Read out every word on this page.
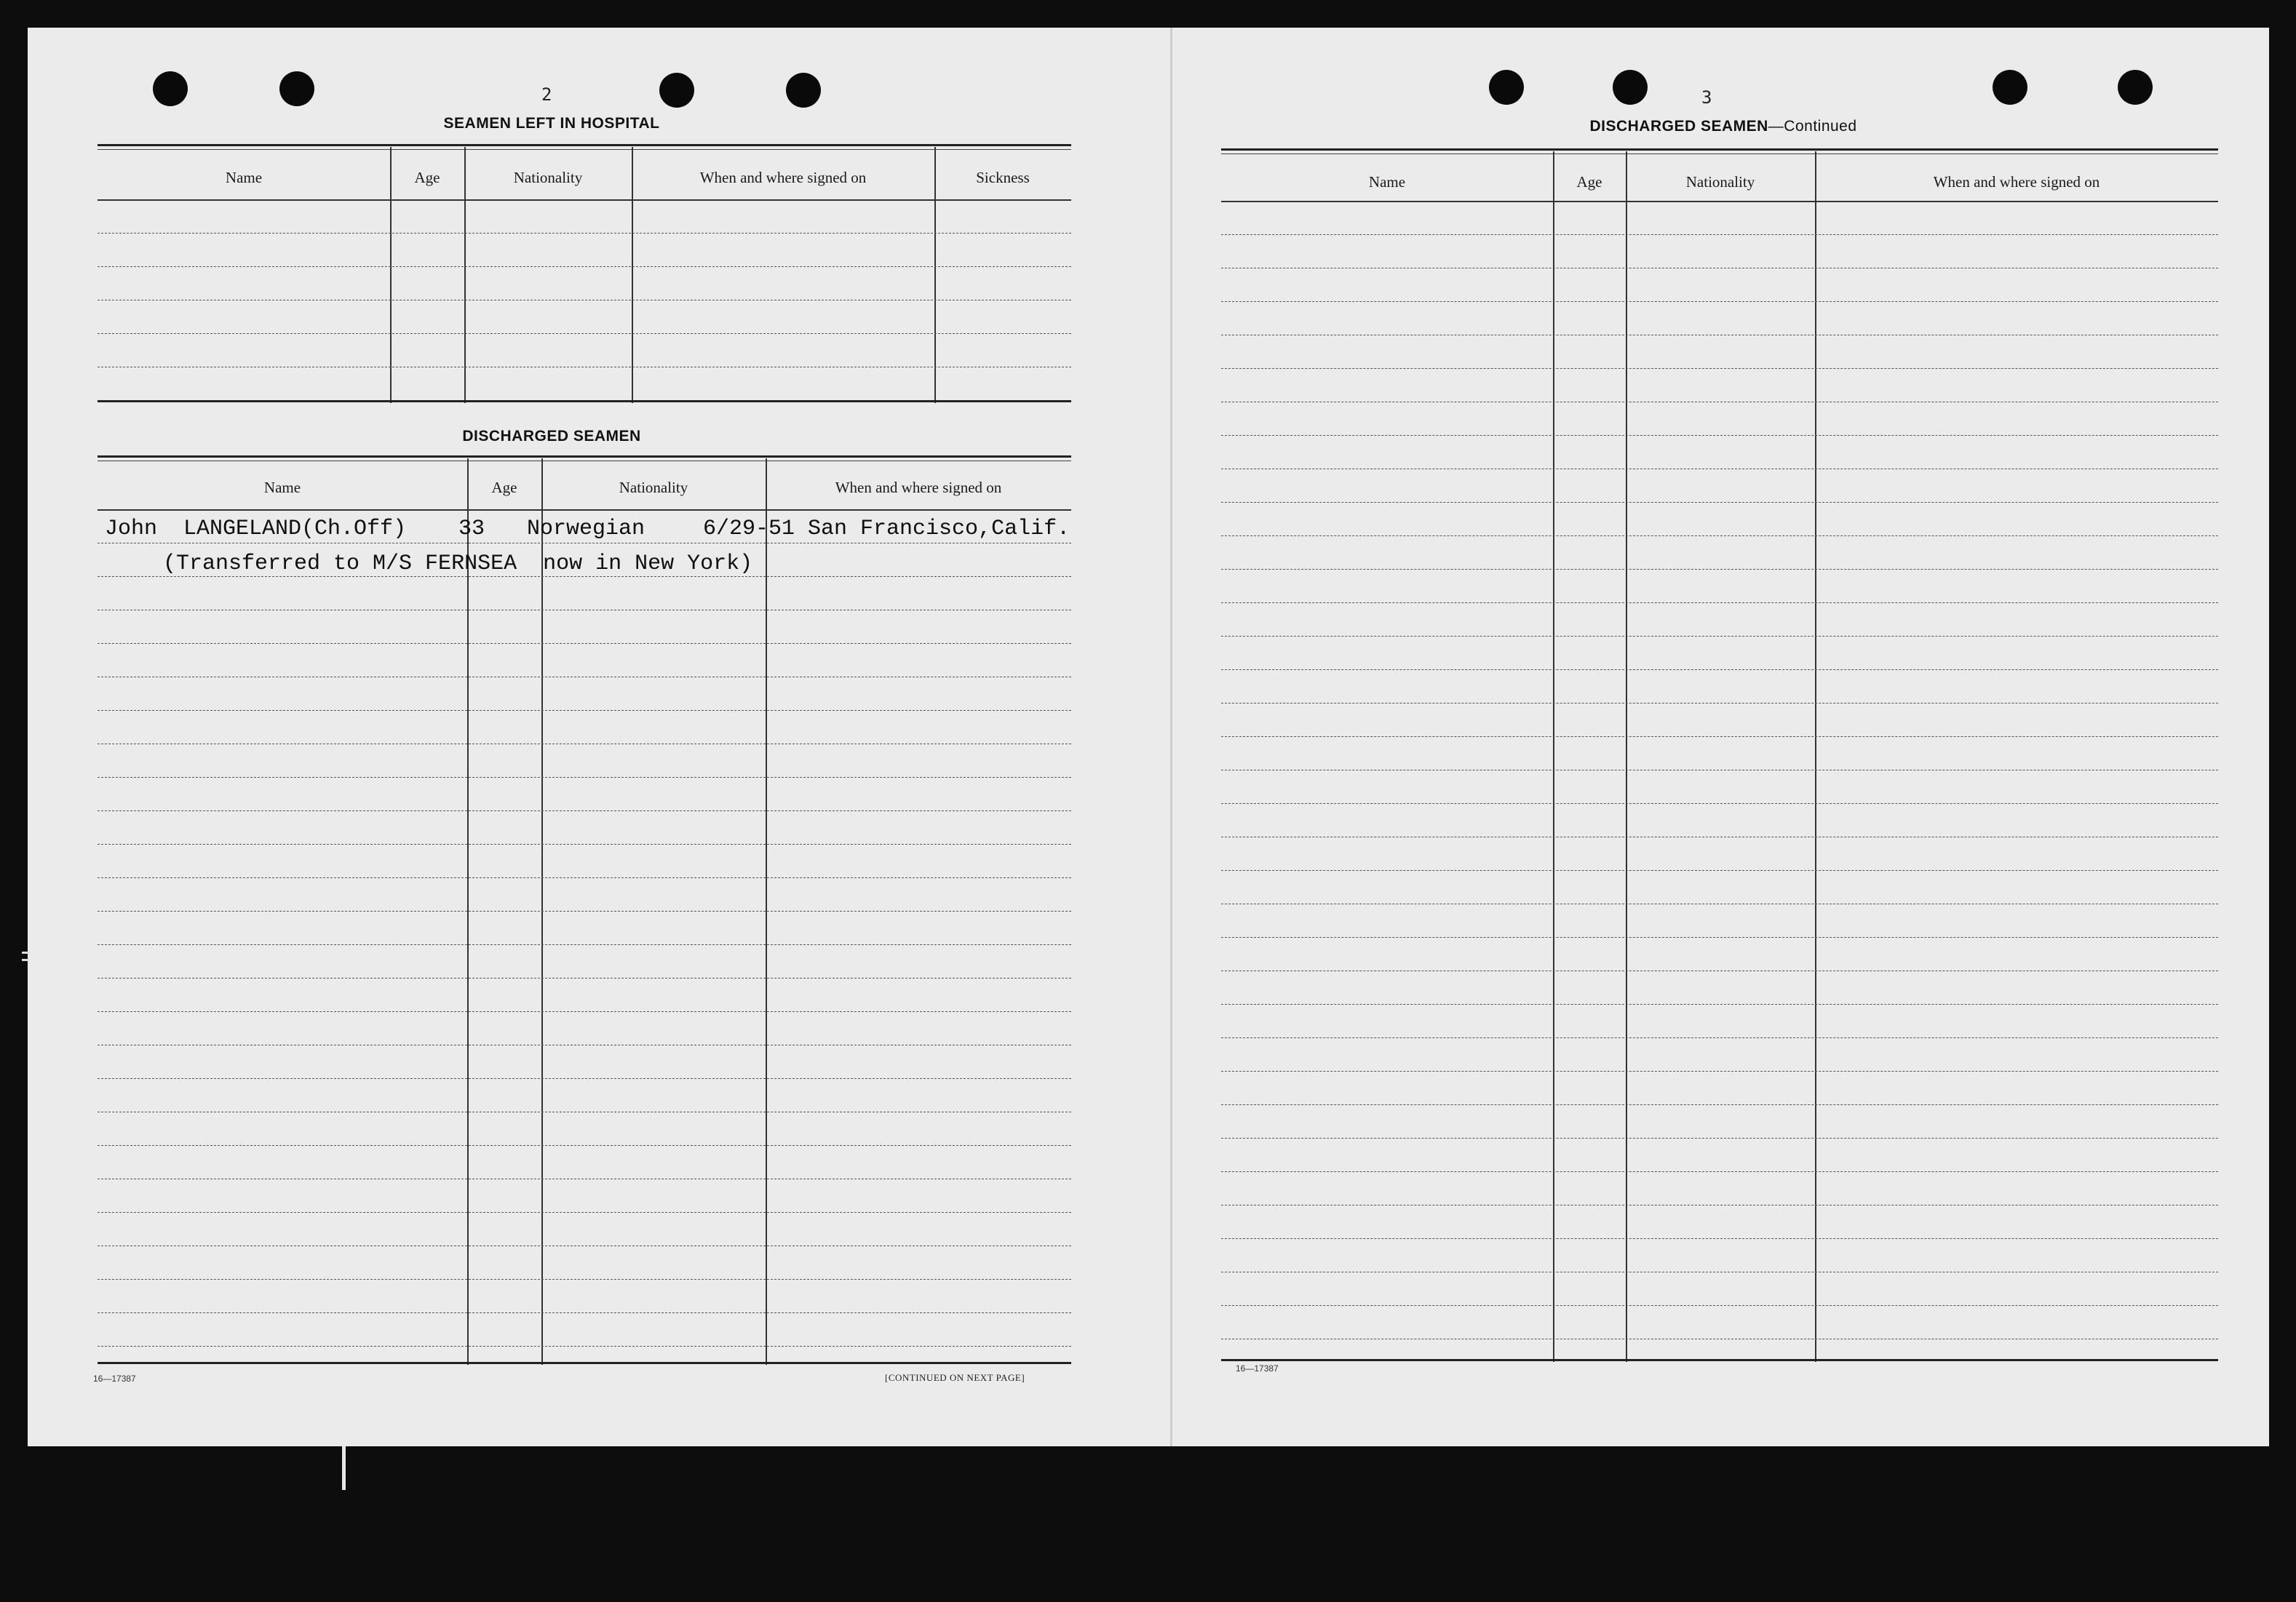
2
SEAMEN LEFT IN HOSPITAL
Name	Age	Nationality	When and where signed on	Sickness
DISCHARGED SEAMEN
Name	Age	Nationality	When and where signed on
John  LANGELAND(Ch.Off) 33 Norwegian	6/29-51 San Francisco,Calif.
(Transferred to M/S FERNSEA  now in New York)
16—17387	[CONTINUED ON NEXT PAGE]
3
DISCHARGED SEAMEN—Continued
Name	Age	Nationality	When and where signed on
16—17387
